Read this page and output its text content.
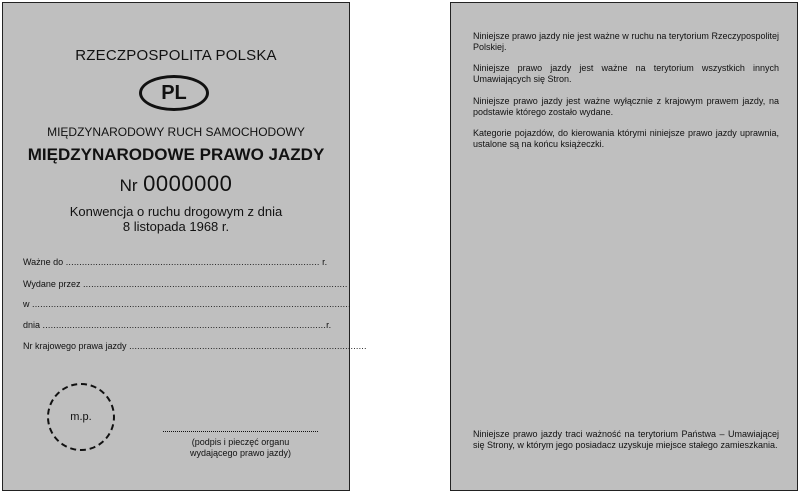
RZECZPOSPOLITA POLSKA
PL
MIĘDZYNARODOWY RUCH SAMOCHODOWY
MIĘDZYNARODOWE PRAWO JAZDY
Nr 0000000
Konwencja o ruchu drogowym z dnia
8 listopada 1968 r.
Ważne do .............................................................................................. r.
Wydane przez ..................................................................................................
w ......................................................................................................................
dnia .........................................................................................................r.
Nr krajowego prawa jazdy ........................................................................................
m.p.
(podpis i pieczęć organu
wydającego prawo jazdy)
Niniejsze prawo jazdy nie jest ważne w ruchu na terytorium Rzeczypospolitej Polskiej.
Niniejsze prawo jazdy jest ważne na terytorium wszystkich innych Umawiających się Stron.
Niniejsze prawo jazdy jest ważne wyłącznie z krajowym prawem jazdy, na podstawie którego zostało wydane.
Kategorie pojazdów, do kierowania którymi niniejsze prawo jazdy uprawnia, ustalone są na końcu książeczki.
Niniejsze prawo jazdy traci ważność na terytorium Państwa – Umawiającej się Strony, w którym jego posiadacz uzyskuje miejsce stałego zamieszkania.
